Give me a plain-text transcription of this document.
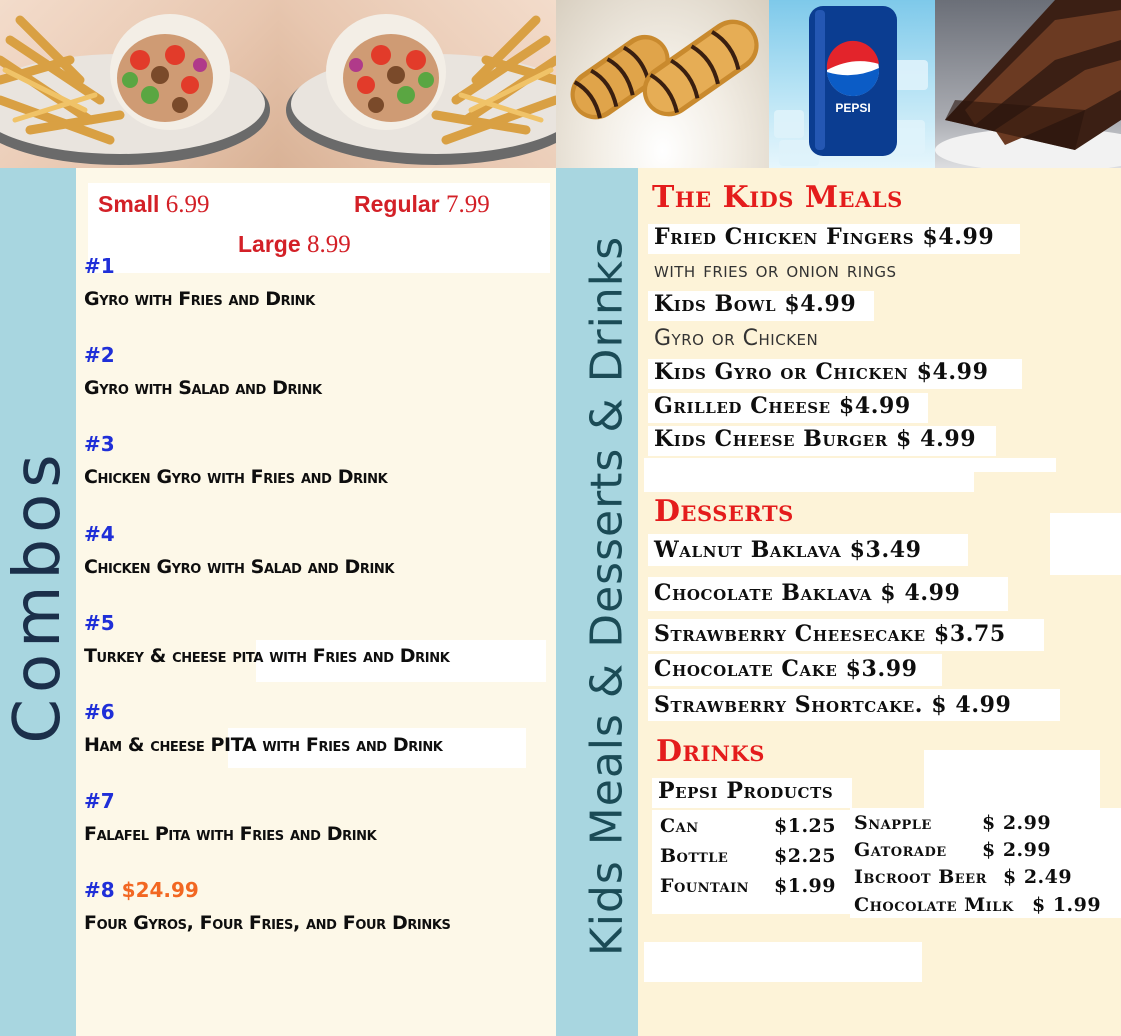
PEPSI
Combos
Small 6.99	Regular 7.99
Large 8.99
#1
Gyro with Fries and Drink
#2
Gyro with Salad and Drink
#3
Chicken Gyro with Fries and Drink
#4
Chicken Gyro with Salad and Drink
#5
Turkey & cheese pita with Fries and Drink
#6
Ham & cheese PITA with Fries and Drink
#7
Falafel Pita with Fries and Drink
#8 $24.99
Four Gyros, Four Fries, and Four Drinks	Kids Meals & Desserts & Drinks
The Kids Meals
Fried Chicken Fingers $4.99
with fries or onion rings
Kids Bowl $4.99
Gyro or Chicken
Kids Gyro or Chicken $4.99
Grilled Cheese $4.99
Kids Cheese Burger $ 4.99
Desserts
Walnut Baklava $3.49
Chocolate Baklava $ 4.99
Strawberry Cheesecake $3.75
Chocolate Cake $3.99
Strawberry Shortcake. $ 4.99
Drinks
Pepsi Products
Can	$1.25
Bottle $2.25
Fountain $1.99
Snapple	$ 2.99
Gatorade $ 2.99
Ibcroot Beer $ 2.49
Chocolate Milk $ 1.99
